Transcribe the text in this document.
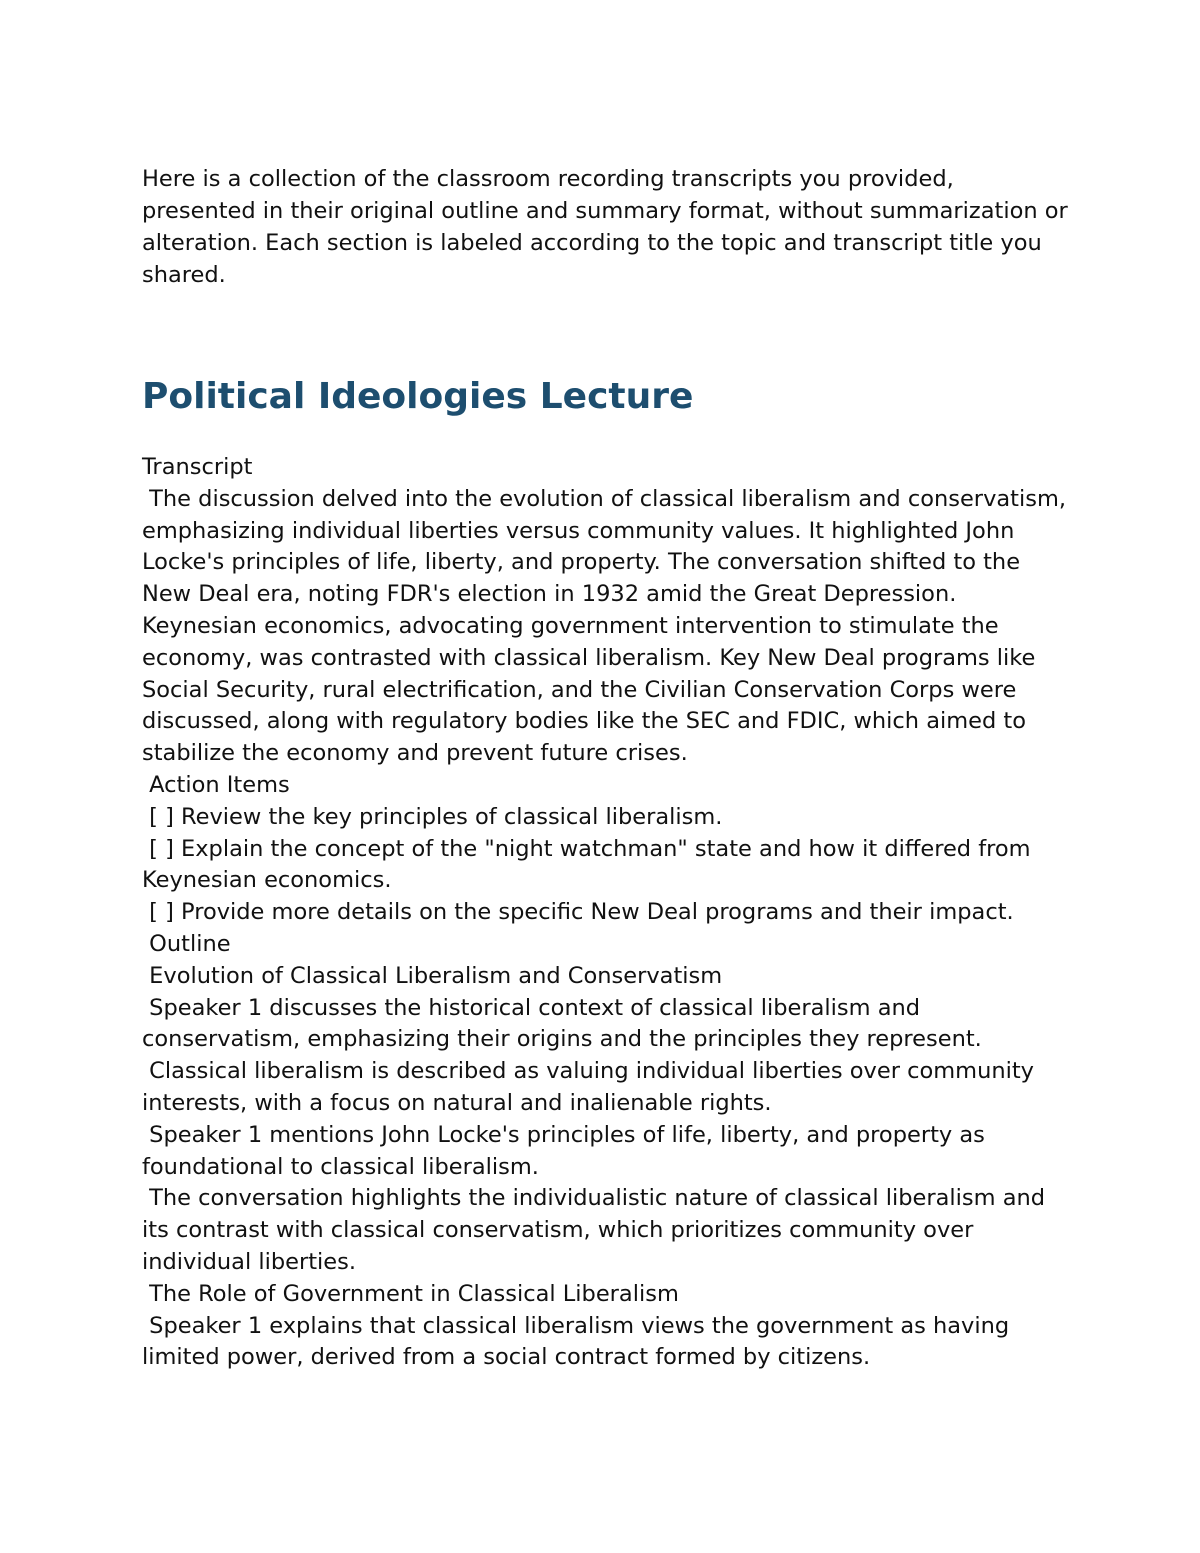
Here is a collection of the classroom recording transcripts you provided, presented in their original outline and summary format, without summarization or alteration. Each section is labeled according to the topic and transcript title you shared.

Political Ideologies Lecture

Transcript

The discussion delved into the evolution of classical liberalism and conservatism, emphasizing individual liberties versus community values. It highlighted John Locke's principles of life, liberty, and property. The conversation shifted to the New Deal era, noting FDR's election in 1932 amid the Great Depression. Keynesian economics, advocating government intervention to stimulate the economy, was contrasted with classical liberalism. Key New Deal programs like Social Security, rural electrification, and the Civilian Conservation Corps were discussed, along with regulatory bodies like the SEC and FDIC, which aimed to stabilize the economy and prevent future crises.

Action Items

[ ] Review the key principles of classical liberalism.

[ ] Explain the concept of the "night watchman" state and how it differed from Keynesian economics.

[ ] Provide more details on the specific New Deal programs and their impact.

Outline

Evolution of Classical Liberalism and Conservatism

Speaker 1 discusses the historical context of classical liberalism and conservatism, emphasizing their origins and the principles they represent.

Classical liberalism is described as valuing individual liberties over community interests, with a focus on natural and inalienable rights.

Speaker 1 mentions John Locke's principles of life, liberty, and property as foundational to classical liberalism.

The conversation highlights the individualistic nature of classical liberalism and its contrast with classical conservatism, which prioritizes community over individual liberties.

The Role of Government in Classical Liberalism

Speaker 1 explains that classical liberalism views the government as having limited power, derived from a social contract formed by citizens.
